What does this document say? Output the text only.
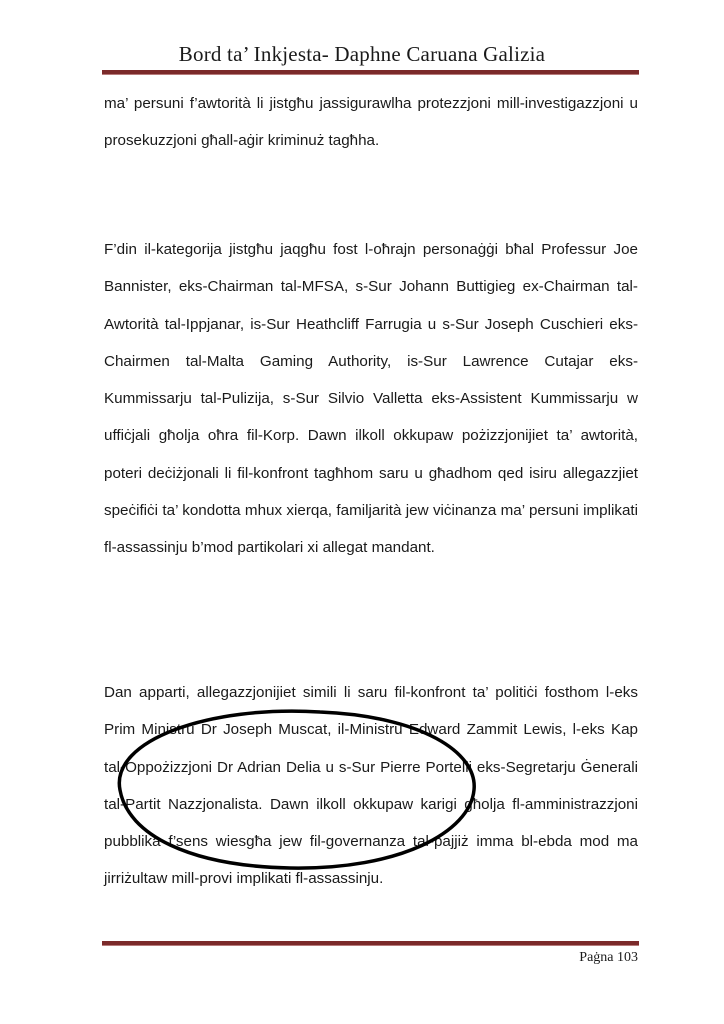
Bord ta’ Inkjesta- Daphne Caruana Galizia

ma’ persuni f’awtorità li jistgħu jassigurawlha protezzjoni mill-investigazzjoni u prosekuzzjoni għall-aġir kriminuż tagħha.

F’din il-kategorija jistgħu jaqgħu fost l-oħrajn personaġġi bħal Professur Joe Bannister, eks-Chairman tal-MFSA, s-Sur Johann Buttigieg ex-Chairman tal-Awtorità tal-Ippjanar, is-Sur Heathcliff Farrugia u s-Sur Joseph Cuschieri eks-Chairmen tal-Malta Gaming Authority, is-Sur Lawrence Cutajar eks-Kummissarju tal-Pulizija, s-Sur Silvio Valletta eks-Assistent Kummissarju w uffiċjali għolja oħra fil-Korp. Dawn ilkoll okkupaw pożizzjonijiet ta’ awtorità, poteri deċiżjonali li fil-konfront tagħhom saru u għadhom qed isiru allegazzjiet speċifiċi ta’ kondotta mhux xierqa, familjarità jew viċinanza ma’ persuni implikati fl-assassinju b’mod partikolari xi allegat mandant.

Dan apparti, allegazzjonijiet simili li saru fil-konfront ta’ politiċi fosthom l-eks Prim Ministru Dr Joseph Muscat, il-Ministru Edward Zammit Lewis, l-eks Kap tal-Oppożizzjoni Dr Adrian Delia u s-Sur Pierre Portelli eks-Segretarju Ġenerali tal-Partit Nazzjonalista. Dawn ilkoll okkupaw karigi għolja fl-amministrazzjoni pubblika f’sens wiesgħa jew fil-governanza tal-pajjiż imma bl-ebda mod ma jirriżultaw mill-provi implikati fl-assassinju.

Paġna 103
